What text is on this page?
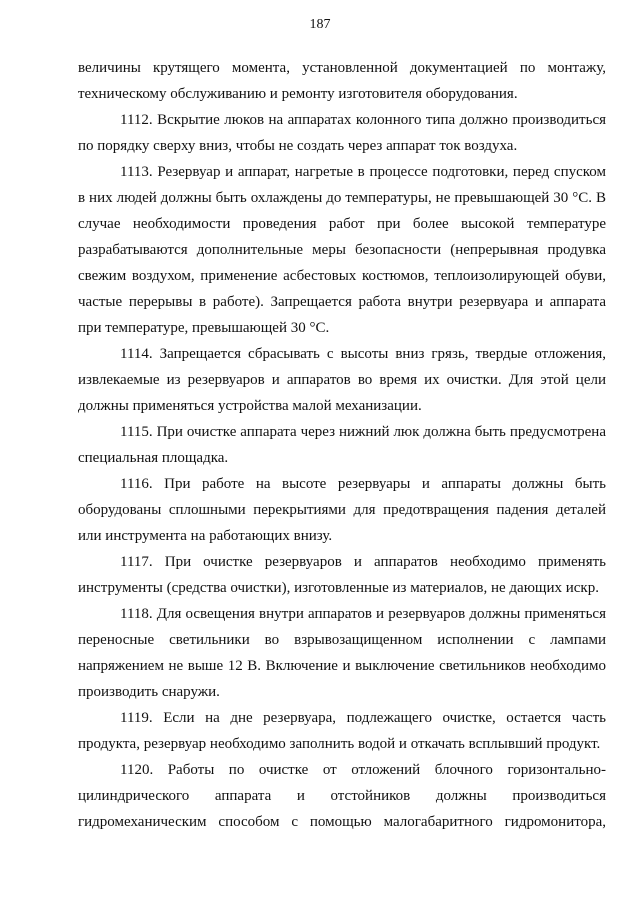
187

величины крутящего момента, установленной документацией по монтажу, техническому обслуживанию и ремонту изготовителя оборудования.

1112. Вскрытие люков на аппаратах колонного типа должно производиться по порядку сверху вниз, чтобы не создать через аппарат ток воздуха.

1113. Резервуар и аппарат, нагретые в процессе подготовки, перед спуском в них людей должны быть охлаждены до температуры, не превышающей 30 °С. В случае необходимости проведения работ при более высокой температуре разрабатываются дополнительные меры безопасности (непрерывная продувка свежим воздухом, применение асбестовых костюмов, теплоизолирующей обуви, частые перерывы в работе). Запрещается работа внутри резервуара и аппарата при температуре, превышающей 30 °С.

1114. Запрещается сбрасывать с высоты вниз грязь, твердые отложения, извлекаемые из резервуаров и аппаратов во время их очистки. Для этой цели должны применяться устройства малой механизации.

1115. При очистке аппарата через нижний люк должна быть предусмотрена специальная площадка.

1116. При работе на высоте резервуары и аппараты должны быть оборудованы сплошными перекрытиями для предотвращения падения деталей или инструмента на работающих внизу.

1117. При очистке резервуаров и аппаратов необходимо применять инструменты (средства очистки), изготовленные из материалов, не дающих искр.

1118. Для освещения внутри аппаратов и резервуаров должны применяться переносные светильники во взрывозащищенном исполнении с лампами напряжением не выше 12 В. Включение и выключение светильников необходимо производить снаружи.

1119. Если на дне резервуара, подлежащего очистке, остается часть продукта, резервуар необходимо заполнить водой и откачать всплывший продукт.

1120. Работы по очистке от отложений блочного горизонтально-цилиндрического аппарата и отстойников должны производиться гидромеханическим способом с помощью малогабаритного гидромонитора,
